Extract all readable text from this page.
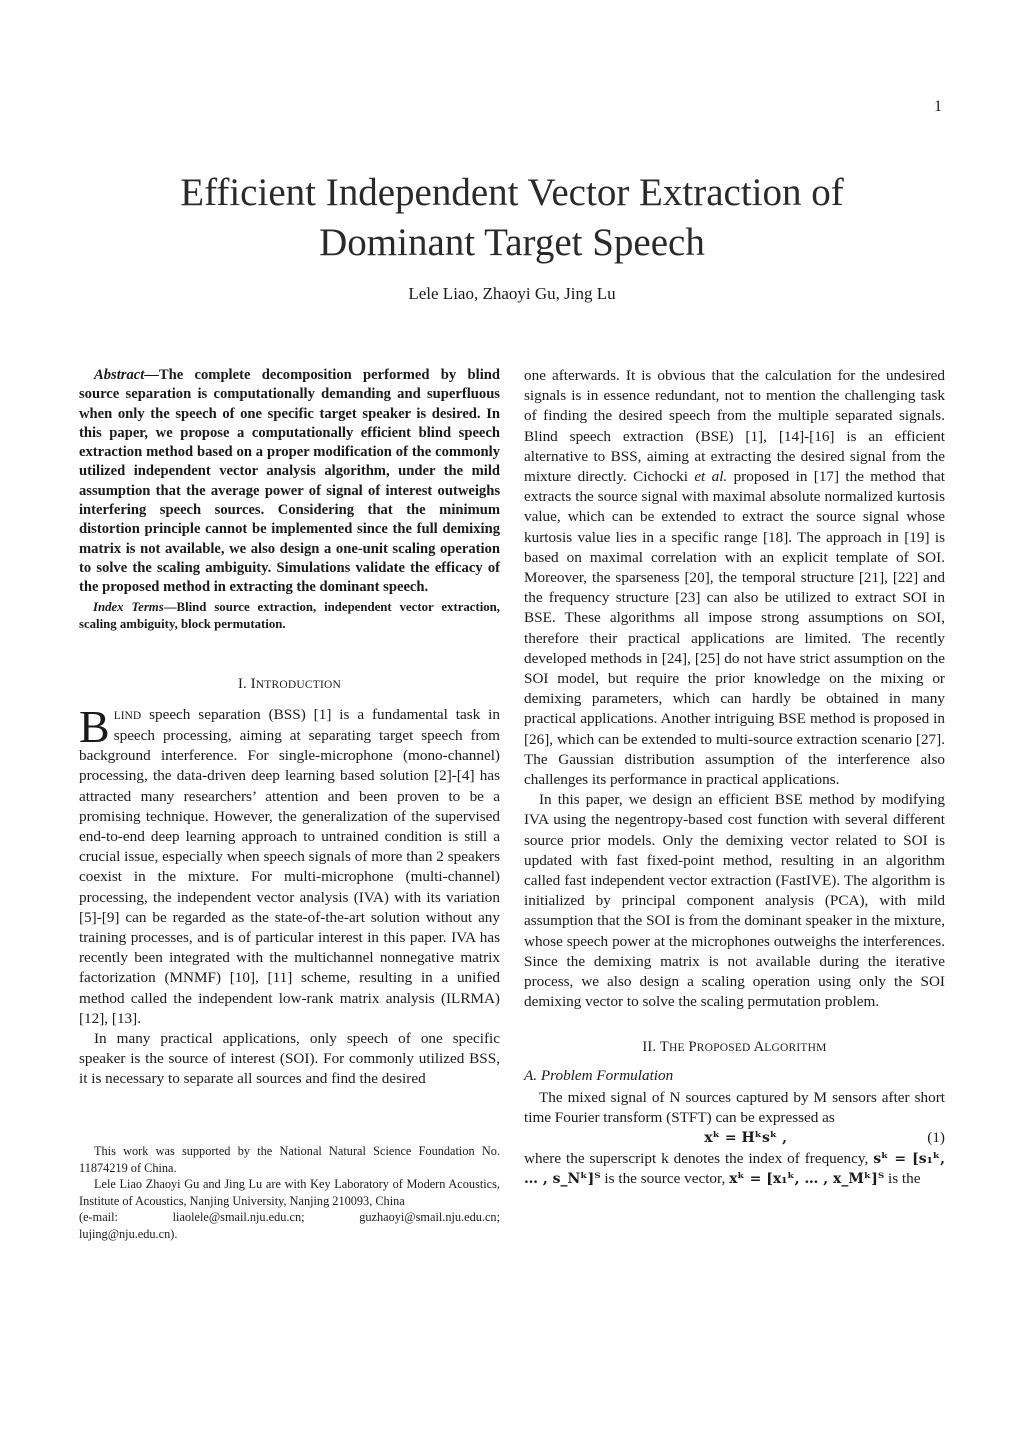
1
Efficient Independent Vector Extraction of
Dominant Target Speech
Lele Liao, Zhaoyi Gu, Jing Lu

Abstract—The complete decomposition performed by blind source separation is computationally demanding and superfluous when only the speech of one specific target speaker is desired. In this paper, we propose a computationally efficient blind speech extraction method based on a proper modification of the commonly utilized independent vector analysis algorithm, under the mild assumption that the average power of signal of interest outweighs interfering speech sources. Considering that the minimum distortion principle cannot be implemented since the full demixing matrix is not available, we also design a one-unit scaling operation to solve the scaling ambiguity. Simulations validate the efficacy of the proposed method in extracting the dominant speech.

Index Terms—Blind source extraction, independent vector extraction, scaling ambiguity, block permutation.

I. INTRODUCTION

BLIND speech separation (BSS) [1] is a fundamental task in speech processing, aiming at separating target speech from background interference. For single-microphone (mono-channel) processing, the data-driven deep learning based solution [2]-[4] has attracted many researchers’ attention and been proven to be a promising technique. However, the generalization of the supervised end-to-end deep learning approach to untrained condition is still a crucial issue, especially when speech signals of more than 2 speakers coexist in the mixture. For multi-microphone (multi-channel) processing, the independent vector analysis (IVA) with its variation [5]-[9] can be regarded as the state-of-the-art solution without any training processes, and is of particular interest in this paper. IVA has recently been integrated with the multichannel nonnegative matrix factorization (MNMF) [10], [11] scheme, resulting in a unified method called the independent low-rank matrix analysis (ILRMA) [12], [13].

In many practical applications, only speech of one specific speaker is the source of interest (SOI). For commonly utilized BSS, it is necessary to separate all sources and find the desired

This work was supported by the National Natural Science Foundation No. 11874219 of China.

Lele Liao Zhaoyi Gu and Jing Lu are with Key Laboratory of Modern Acoustics, Institute of Acoustics, Nanjing University, Nanjing 210093, China

(e-mail:	liaolele@smail.nju.edu.cn;	guzhaoyi@smail.nju.edu.cn;

lujing@nju.edu.cn).

one afterwards. It is obvious that the calculation for the undesired signals is in essence redundant, not to mention the challenging task of finding the desired speech from the multiple separated signals. Blind speech extraction (BSE) [1], [14]-[16] is an efficient alternative to BSS, aiming at extracting the desired signal from the mixture directly. Cichocki et al. proposed in [17] the method that extracts the source signal with maximal absolute normalized kurtosis value, which can be extended to extract the source signal whose kurtosis value lies in a specific range [18]. The approach in [19] is based on maximal correlation with an explicit template of SOI. Moreover, the sparseness [20], the temporal structure [21], [22] and the frequency structure [23] can also be utilized to extract SOI in BSE. These algorithms all impose strong assumptions on SOI, therefore their practical applications are limited. The recently developed methods in [24], [25] do not have strict assumption on the SOI model, but require the prior knowledge on the mixing or demixing parameters, which can hardly be obtained in many practical applications. Another intriguing BSE method is proposed in [26], which can be extended to multi-source extraction scenario [27]. The Gaussian distribution assumption of the interference also challenges its performance in practical applications.

In this paper, we design an efficient BSE method by modifying IVA using the negentropy-based cost function with several different source prior models. Only the demixing vector related to SOI is updated with fast fixed-point method, resulting in an algorithm called fast independent vector extraction (FastIVE). The algorithm is initialized by principal component analysis (PCA), with mild assumption that the SOI is from the dominant speaker in the mixture, whose speech power at the microphones outweighs the interferences. Since the demixing matrix is not available during the iterative process, we also design a scaling operation using only the SOI demixing vector to solve the scaling permutation problem.

II. THE PROPOSED ALGORITHM

A. Problem Formulation

The mixed signal of N sources captured by M sensors after short time Fourier transform (STFT) can be expressed as

xᵏ = Hᵏsᵏ ,	(1)

where the superscript k denotes the index of frequency, sᵏ = [s₁ᵏ, … , s_Nᵏ]ᵀ is the source vector, xᵏ = [x₁ᵏ, … , x_Mᵏ]ᵀ is the
